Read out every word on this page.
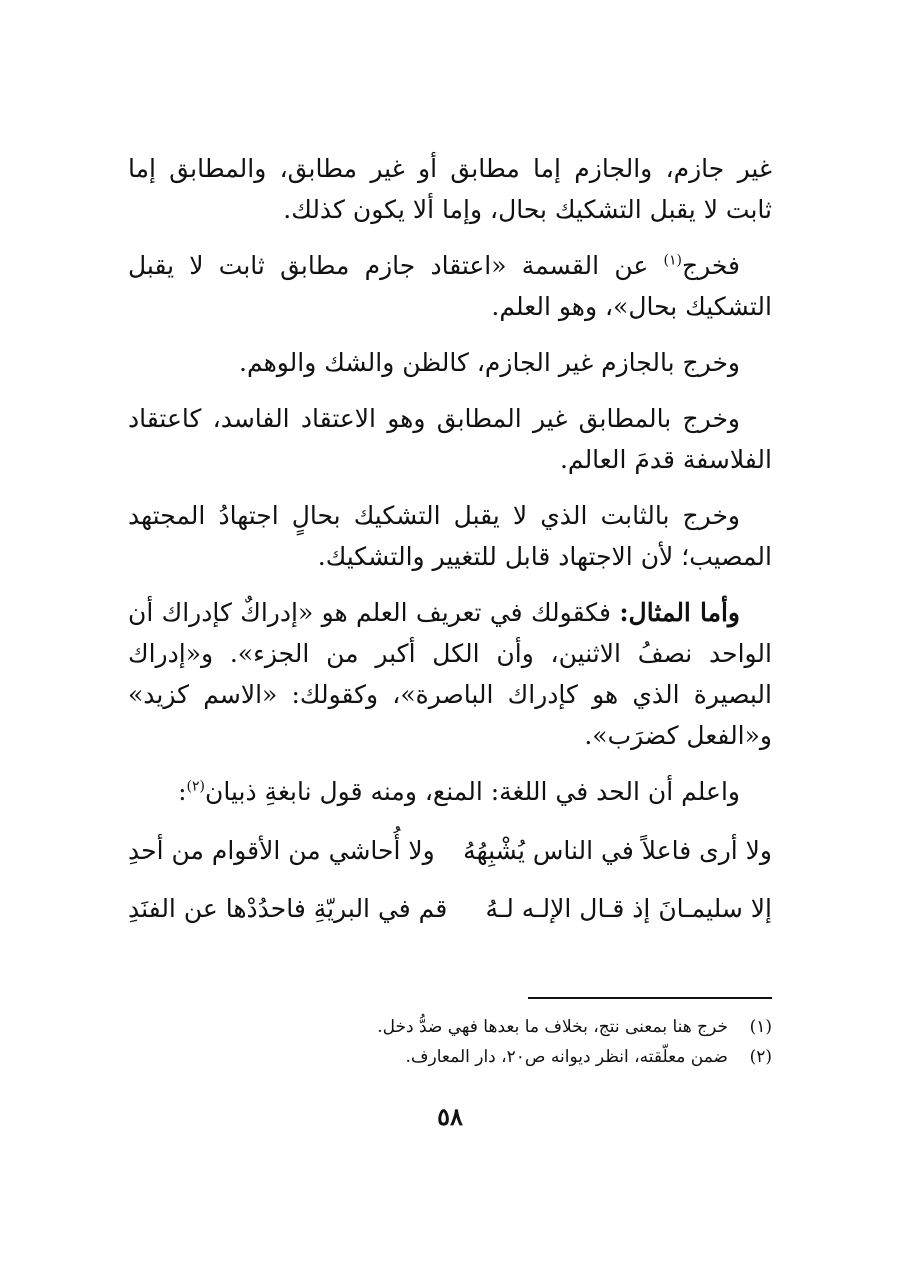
غير جازم، والجازم إما مطابق أو غير مطابق، والمطابق إما ثابت لا يقبل التشكيك بحال، وإما ألا يكون كذلك.

فخرج$^{(١)}$ عن القسمة «اعتقاد جازم مطابق ثابت لا يقبل التشكيك بحال»، وهو العلم.

وخرج بالجازم غير الجازم، كالظن والشك والوهم.

وخرج بالمطابق غير المطابق وهو الاعتقاد الفاسد، كاعتقاد الفلاسفة قدمَ العالم.

وخرج بالثابت الذي لا يقبل التشكيك بحالٍ اجتهادُ المجتهد المصيب؛ لأن الاجتهاد قابل للتغيير والتشكيك.

وأما المثال: فكقولك في تعريف العلم هو «إدراكٌ كإدراك أن الواحد نصفُ الاثنين، وأن الكل أكبر من الجزء». و«إدراك البصيرة الذي هو كإدراك الباصرة»، وكقولك: «الاسم كزيد» و«الفعل كضرَب».

واعلم أن الحد في اللغة: المنع، ومنه قول نابغةِ ذبيان$^{(٢)}$:

ولا أرى فاعلاً في الناس يُشْبِهُهُ
ولا أُحاشي من الأقوام من أحدِ
إلا سليمـانَ إذ قـال الإلـه لـهُ
قم في البريّةِ فاحدُدْها عن الفنَدِ
(١)
خرج هنا بمعنى نتج، بخلاف ما بعدها فهي ضدُّ دخل.
(٢)
ضمن معلّقته، انظر ديوانه ص٢٠، دار المعارف.
٥٨
